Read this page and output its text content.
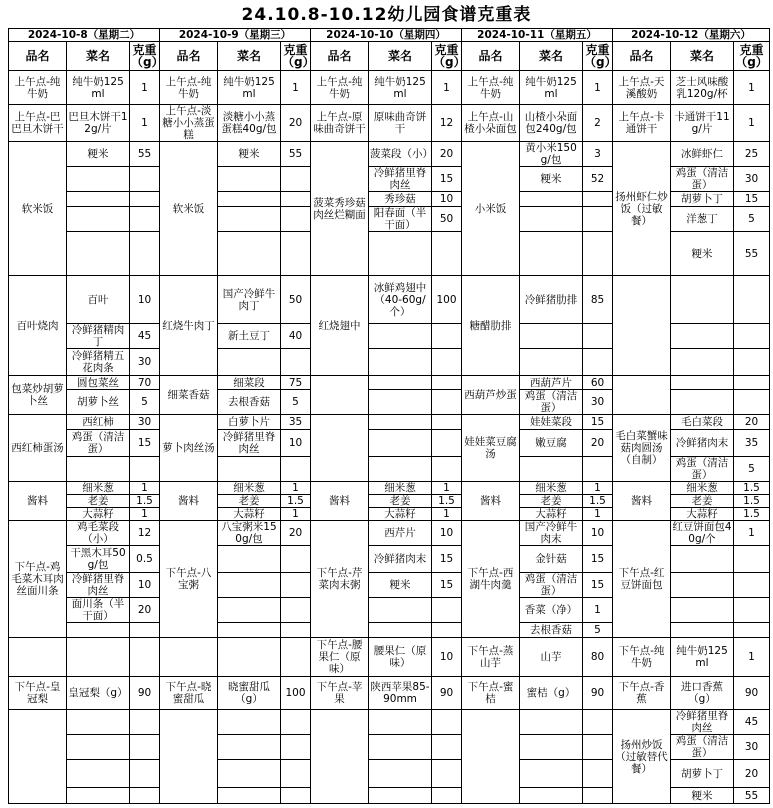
24.10.8-10.12幼儿园食谱克重表
2024-10-8（星期二）			2024-10-9（星期三）			2024-10-10（星期四）			2024-10-11（星期五）			2024-10-12（星期六）		
品名	菜名	克重（g）	品名	菜名	克重（g）	品名	菜名	克重（g）	品名	菜名	克重（g）	品名	菜名	克重（g）
上午点-纯牛奶	纯牛奶125ml	1	上午点-纯牛奶	纯牛奶125ml	1	上午点-纯牛奶	纯牛奶125ml	1	上午点-纯牛奶	纯牛奶125ml	1	上午点-天溪酸奶	芝士风味酸乳120g/杯	1
上午点-巴巴旦木饼干	巴旦木饼干12g/片	1	上午点-淡糖小小蒸蛋糕	淡糖小小蒸蛋糕40g/包	20	上午点-原味曲奇饼干	原味曲奇饼干	12	上午点-山楂小朵面包	山楂小朵面包240g/包	2	上午点-卡通饼干	卡通饼干11g/片	1
软米饭	粳米	55	软米饭	粳米	55	菠菜秀珍菇肉丝烂糊面	菠菜段（小）	20	小米饭	黄小米150g/包	3	扬州虾仁炒饭（过敏餐）	冰鲜虾仁	25
							冷鲜猪里脊肉丝	15		粳米	52		鸡蛋（清洁蛋）	30
							秀珍菇	10					胡萝卜丁	15
							阳春面（半干面）	50					洋葱丁	5
													粳米	55
百叶烧肉	百叶	10	红烧牛肉丁	国产冷鲜牛肉丁	50	红烧翅中	冰鲜鸡翅中（40-60g/个）	100	糖醋肋排	冷鲜猪肋排	85			
	冷鲜猪精肉丁	45		新土豆丁	40									
	冷鲜猪精五花肉条	30												
包菜炒胡萝卜丝	圆包菜丝	70	细菜香菇	细菜段	75				西葫芦炒蛋	西葫芦片	60			
	胡萝卜丝	5		去根香菇	5					鸡蛋（清洁蛋）	30			
西红柿蛋汤	西红柿	30	萝卜肉丝汤	白萝卜片	35				娃娃菜豆腐汤	娃娃菜段	15	毛白菜蟹味菇肉圆汤（自制）	毛白菜段	20
	鸡蛋（清洁蛋）	15		冷鲜猪里脊肉丝	10					嫩豆腐	20		冷鲜猪肉末	35
													鸡蛋（清洁蛋）	5
酱料	细米葱	1	酱料	细米葱	1	酱料	细米葱	1	酱料	细米葱	1	酱料	细米葱	1.5
	老姜	1.5		老姜	1.5		老姜	1.5		老姜	1.5		老姜	1.5
	大蒜籽	1		大蒜籽	1		大蒜籽	1		大蒜籽	1		大蒜籽	1.5
下午点-鸡毛菜木耳肉丝面川条	鸡毛菜段（小）	12	下午点-八宝粥	八宝粥米150g/包	20	下午点-芹菜肉末粥	西芹片	10	下午点-西湖牛肉羹	国产冷鲜牛肉末	10	下午点-红豆饼面包	红豆饼面包40g/个	1
	干黑木耳50g/包	0.5					冷鲜猪肉末	15		金针菇	15			
	冷鲜猪里脊肉丝	10					粳米	15		鸡蛋（清洁蛋）	15			
	面川条（半干面）	20								香菜（净）	1			
										去根香菇	5			
						下午点-腰果仁（原味）	腰果仁（原味）	10	下午点-蒸山芋	山芋	80	下午点-纯牛奶	纯牛奶125ml	1
下午点-皇冠梨	皇冠梨（g）	90	下午点-晓蜜甜瓜	晓蜜甜瓜（g）	100	下午点-苹果	陕西苹果85-90mm	90	下午点-蜜桔	蜜桔（g）	90	下午点-香蕉	进口香蕉（g）	90
												扬州炒饭（过敏替代餐）	冷鲜猪里脊肉丝	45
													鸡蛋（清洁蛋）	30
													胡萝卜丁	20
													粳米	55
